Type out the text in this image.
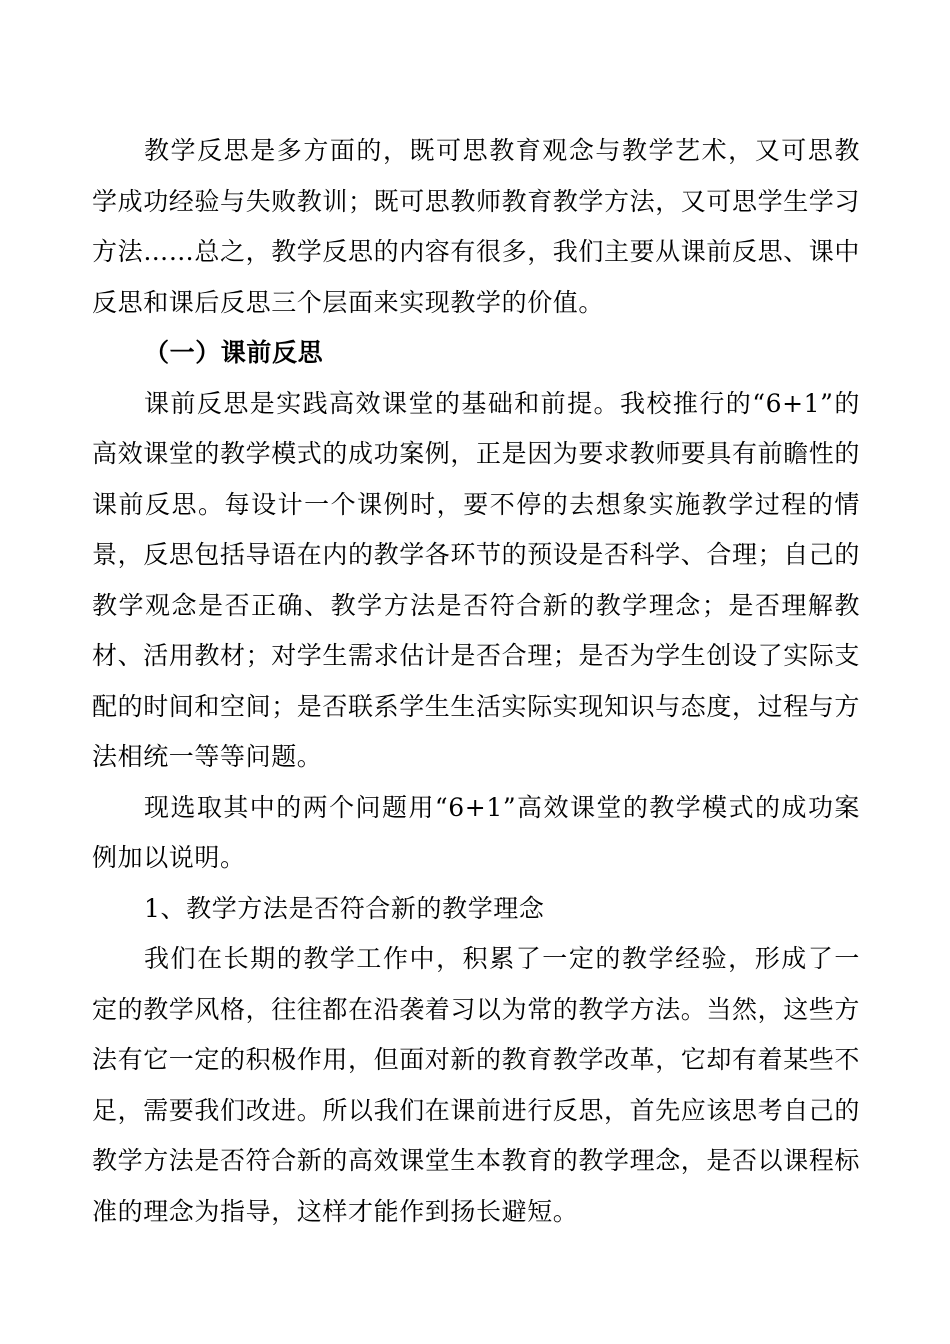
教学反思是多方面的，既可思教育观念与教学艺术，又可思教学成功经验与失败教训；既可思教师教育教学方法，又可思学生学习方法……总之，教学反思的内容有很多，我们主要从课前反思、课中反思和课后反思三个层面来实现教学的价值。

（一）课前反思

课前反思是实践高效课堂的基础和前提。我校推行的“6+1”的高效课堂的教学模式的成功案例，正是因为要求教师要具有前瞻性的课前反思。每设计一个课例时，要不停的去想象实施教学过程的情景，反思包括导语在内的教学各环节的预设是否科学、合理；自己的教学观念是否正确、教学方法是否符合新的教学理念；是否理解教材、活用教材；对学生需求估计是否合理；是否为学生创设了实际支配的时间和空间；是否联系学生生活实际实现知识与态度，过程与方法相统一等等问题。

现选取其中的两个问题用“6+1”高效课堂的教学模式的成功案例加以说明。

1、教学方法是否符合新的教学理念

我们在长期的教学工作中，积累了一定的教学经验，形成了一定的教学风格，往往都在沿袭着习以为常的教学方法。当然，这些方法有它一定的积极作用，但面对新的教育教学改革，它却有着某些不足，需要我们改进。所以我们在课前进行反思，首先应该思考自己的教学方法是否符合新的高效课堂生本教育的教学理念，是否以课程标准的理念为指导，这样才能作到扬长避短。
